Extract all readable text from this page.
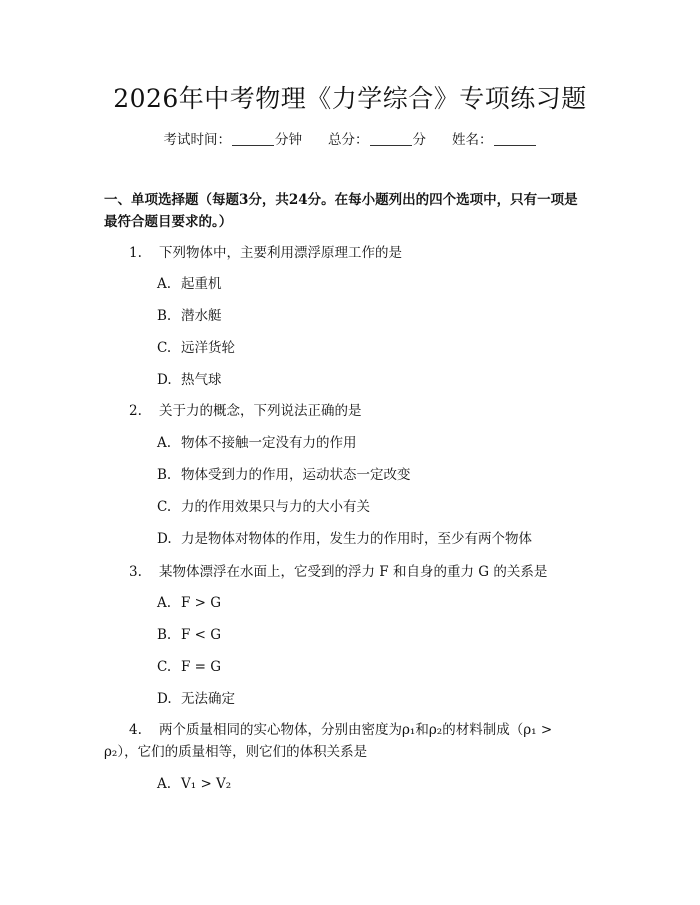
2026年中考物理《力学综合》专项练习题
考试时间：	分钟 总分：	分 姓名：
一、单项选择题（每题3分，共24分。在每小题列出的四个选项中，只有一项是
最符合题目要求的。）
1. 下列物体中，主要利用漂浮原理工作的是
A. 起重机
B. 潜水艇
C. 远洋货轮
D. 热气球
2. 关于力的概念，下列说法正确的是
A. 物体不接触一定没有力的作用
B. 物体受到力的作用，运动状态一定改变
C. 力的作用效果只与力的大小有关
D. 力是物体对物体的作用，发生力的作用时，至少有两个物体
3. 某物体漂浮在水面上，它受到的浮力 F 和自身的重力 G 的关系是
A. F > G
B. F < G
C. F = G
D. 无法确定
4. 两个质量相同的实心物体，分别由密度为ρ₁和ρ₂的材料制成（ρ₁ >
ρ₂），它们的质量相等，则它们的体积关系是
A. V₁ > V₂
